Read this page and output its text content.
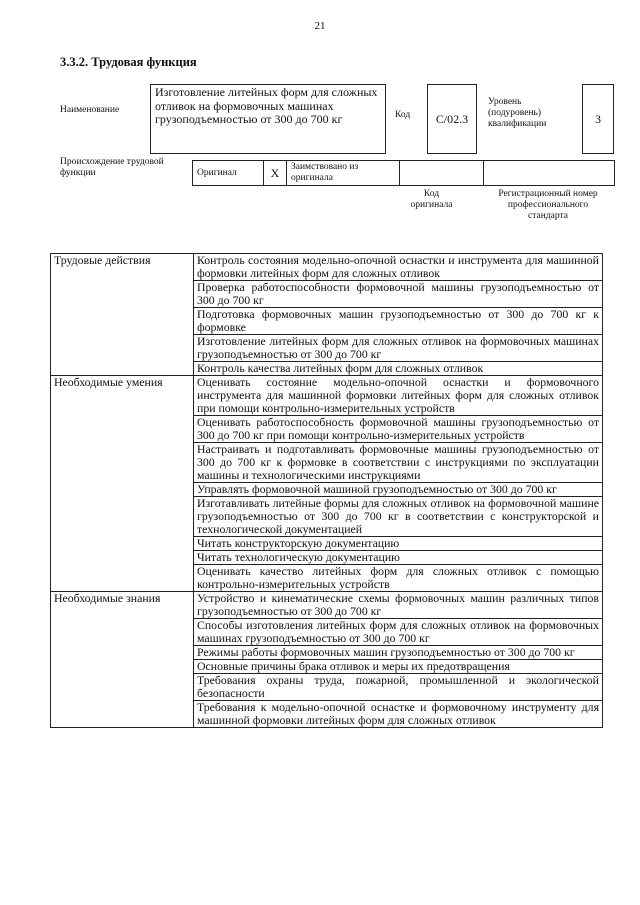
21
3.3.2. Трудовая функция
Наименование
Изготовление литейных форм для сложных отливок на формовочных машинах грузоподъемностью от 300 до 700 кг	Код	C/02.3
Уровень (подуровень) квалификации	3
Происхождение трудовой функции	Оригинал	X	Заимствовано из оригинала		
Код оригинала
Регистрационный номер профессионального стандарта
Трудовые действия	Контроль состояния модельно-опочной оснастки и инструмента для машинной формовки литейных форм для сложных отливок
	Проверка работоспособности формовочной машины грузоподъемностью от 300 до 700 кг
	Подготовка формовочных машин грузоподъемностью от 300 до 700 кг к формовке
	Изготовление литейных форм для сложных отливок на формовочных машинах грузоподъемностью от 300 до 700 кг
	Контроль качества литейных форм для сложных отливок
Необходимые умения	Оценивать состояние модельно-опочной оснастки и формовочного инструмента для машинной формовки литейных форм для сложных отливок при помощи контрольно-измерительных устройств
	Оценивать работоспособность формовочной машины грузоподъемностью от 300 до 700 кг при помощи контрольно-измерительных устройств
	Настраивать и подготавливать формовочные машины грузоподъемностью от 300 до 700 кг к формовке в соответствии с инструкциями по эксплуатации машины и технологическими инструкциями
	Управлять формовочной машиной грузоподъемностью от 300 до 700 кг
	Изготавливать литейные формы для сложных отливок на формовочной машине грузоподъемностью от 300 до 700 кг в соответствии с конструкторской и технологической документацией
	Читать конструкторскую документацию
	Читать технологическую документацию
	Оценивать качество литейных форм для сложных отливок с помощью контрольно-измерительных устройств
Необходимые знания	Устройство и кинематические схемы формовочных машин различных типов грузоподъемностью от 300 до 700 кг
	Способы изготовления литейных форм для сложных отливок на формовочных машинах грузоподъемностью от 300 до 700 кг
	Режимы работы формовочных машин грузоподъемностью от 300 до 700 кг
	Основные причины брака отливок и меры их предотвращения
	Требования охраны труда, пожарной, промышленной и экологической безопасности
	Требования к модельно-опочной оснастке и формовочному инструменту для машинной формовки литейных форм для сложных отливок
